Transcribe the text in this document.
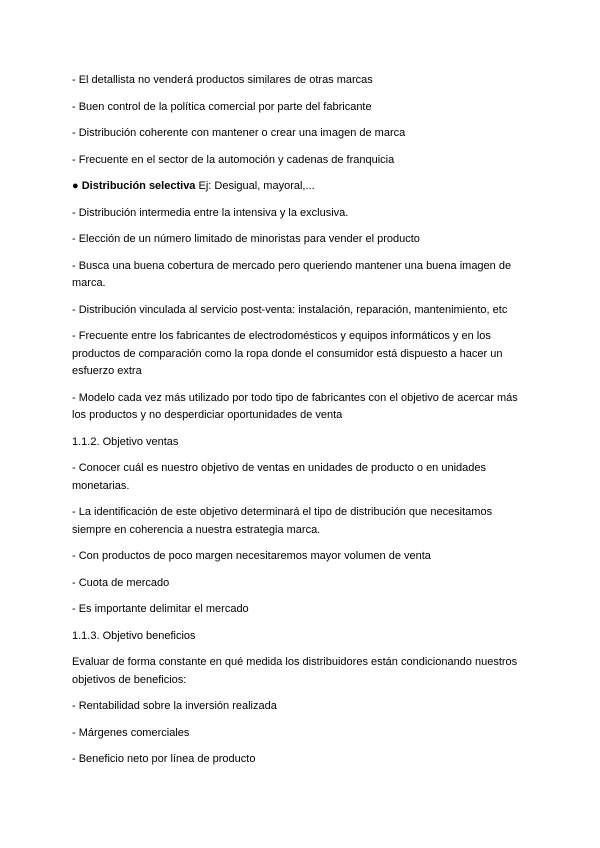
- El detallista no venderá productos similares de otras marcas

- Buen control de la política comercial por parte del fabricante

- Distribución coherente con mantener o crear una imagen de marca

- Frecuente en el sector de la automoción y cadenas de franquicia

● Distribución selectiva Ej: Desigual, mayoral,...

- Distribución intermedia entre la intensiva y la exclusiva.

- Elección de un número limitado de minoristas para vender el producto

- Busca una buena cobertura de mercado pero queriendo mantener una buena imagen de marca.

- Distribución vinculada al servicio post-venta: instalación, reparación, mantenimiento, etc

- Frecuente entre los fabricantes de electrodomésticos y equipos informáticos y en los productos de comparación como la ropa donde el consumidor está dispuesto a hacer un esfuerzo extra

- Modelo cada vez más utilizado por todo tipo de fabricantes con el objetivo de acercar más los productos y no desperdiciar oportunidades de venta

1.1.2. Objetivo ventas

- Conocer cuál es nuestro objetivo de ventas en unidades de producto o en unidades monetarias.

- La identificación de este objetivo determinará el tipo de distribución que necesitamos siempre en coherencia a nuestra estrategia marca.

- Con productos de poco margen necesitaremos mayor volumen de venta

- Cuota de mercado

- Es importante delimitar el mercado

1.1.3. Objetivo beneficios

Evaluar de forma constante en qué medida los distribuidores están condicionando nuestros objetivos de beneficios:

- Rentabilidad sobre la inversión realizada

- Márgenes comerciales

- Beneficio neto por línea de producto
